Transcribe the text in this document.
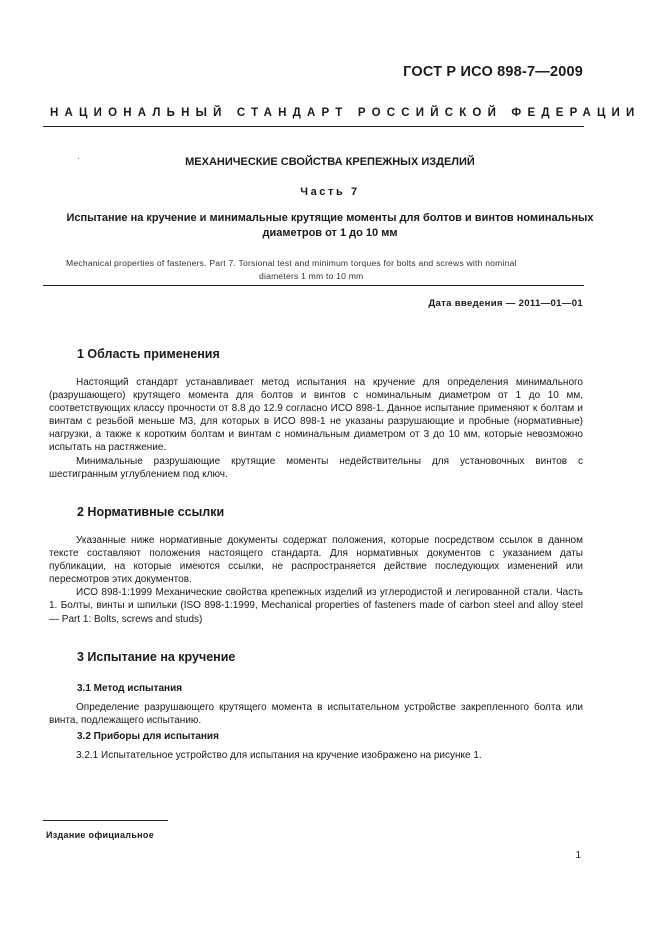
ГОСТ Р ИСО 898-7—2009
НАЦИОНАЛЬНЫЙ СТАНДАРТ РОССИЙСКОЙ ФЕДЕРАЦИИ
.	МЕХАНИЧЕСКИЕ СВОЙСТВА КРЕПЕЖНЫХ ИЗДЕЛИЙ
Часть 7
Испытание на кручение и минимальные крутящие моменты для болтов и винтов номинальных
диаметров от 1 до 10 мм
Mechanical properties of fasteners. Part 7. Torsional test and minimum torques for bolts and screws with nominal
diameters 1 mm to 10 mm
Дата введения — 2011—01—01
1 Область применения

Настоящий стандарт устанавливает метод испытания на кручение для определения минимального (разрушающего) крутящего момента для болтов и винтов с номинальным диаметром от 1 до 10 мм, соответствующих классу прочности от 8.8 до 12.9 согласно ИСО 898-1. Данное испытание применяют к болтам и винтам с резьбой меньше М3, для которых в ИСО 898-1 не указаны разрушающие и пробные (нормативные) нагрузки, а также к коротким болтам и винтам с номинальным диаметром от 3 до 10 мм, которые невозможно испытать на растяжение.

Минимальные разрушающие крутящие моменты недействительны для установочных винтов с шестигранным углублением под ключ.

2 Нормативные ссылки

Указанные ниже нормативные документы содержат положения, которые посредством ссылок в данном тексте составляют положения настоящего стандарта. Для нормативных документов с указанием даты публикации, на которые имеются ссылки, не распространяется действие последующих изменений или пересмотров этих документов.

ИСО 898-1:1999 Механические свойства крепежных изделий из углеродистой и легированной стали. Часть 1. Болты, винты и шпильки (ISO 898-1:1999, Mechanical properties of fasteners made of carbon steel and alloy steel — Part 1: Bolts, screws and studs)

3 Испытание на кручение
3.1 Метод испытания

Определение разрушающего крутящего момента в испытательном устройстве закрепленного болта или винта, подлежащего испытанию.

3.2 Приборы для испытания

3.2.1 Испытательное устройство для испытания на кручение изображено на рисунке 1.

Издание официальное
1
